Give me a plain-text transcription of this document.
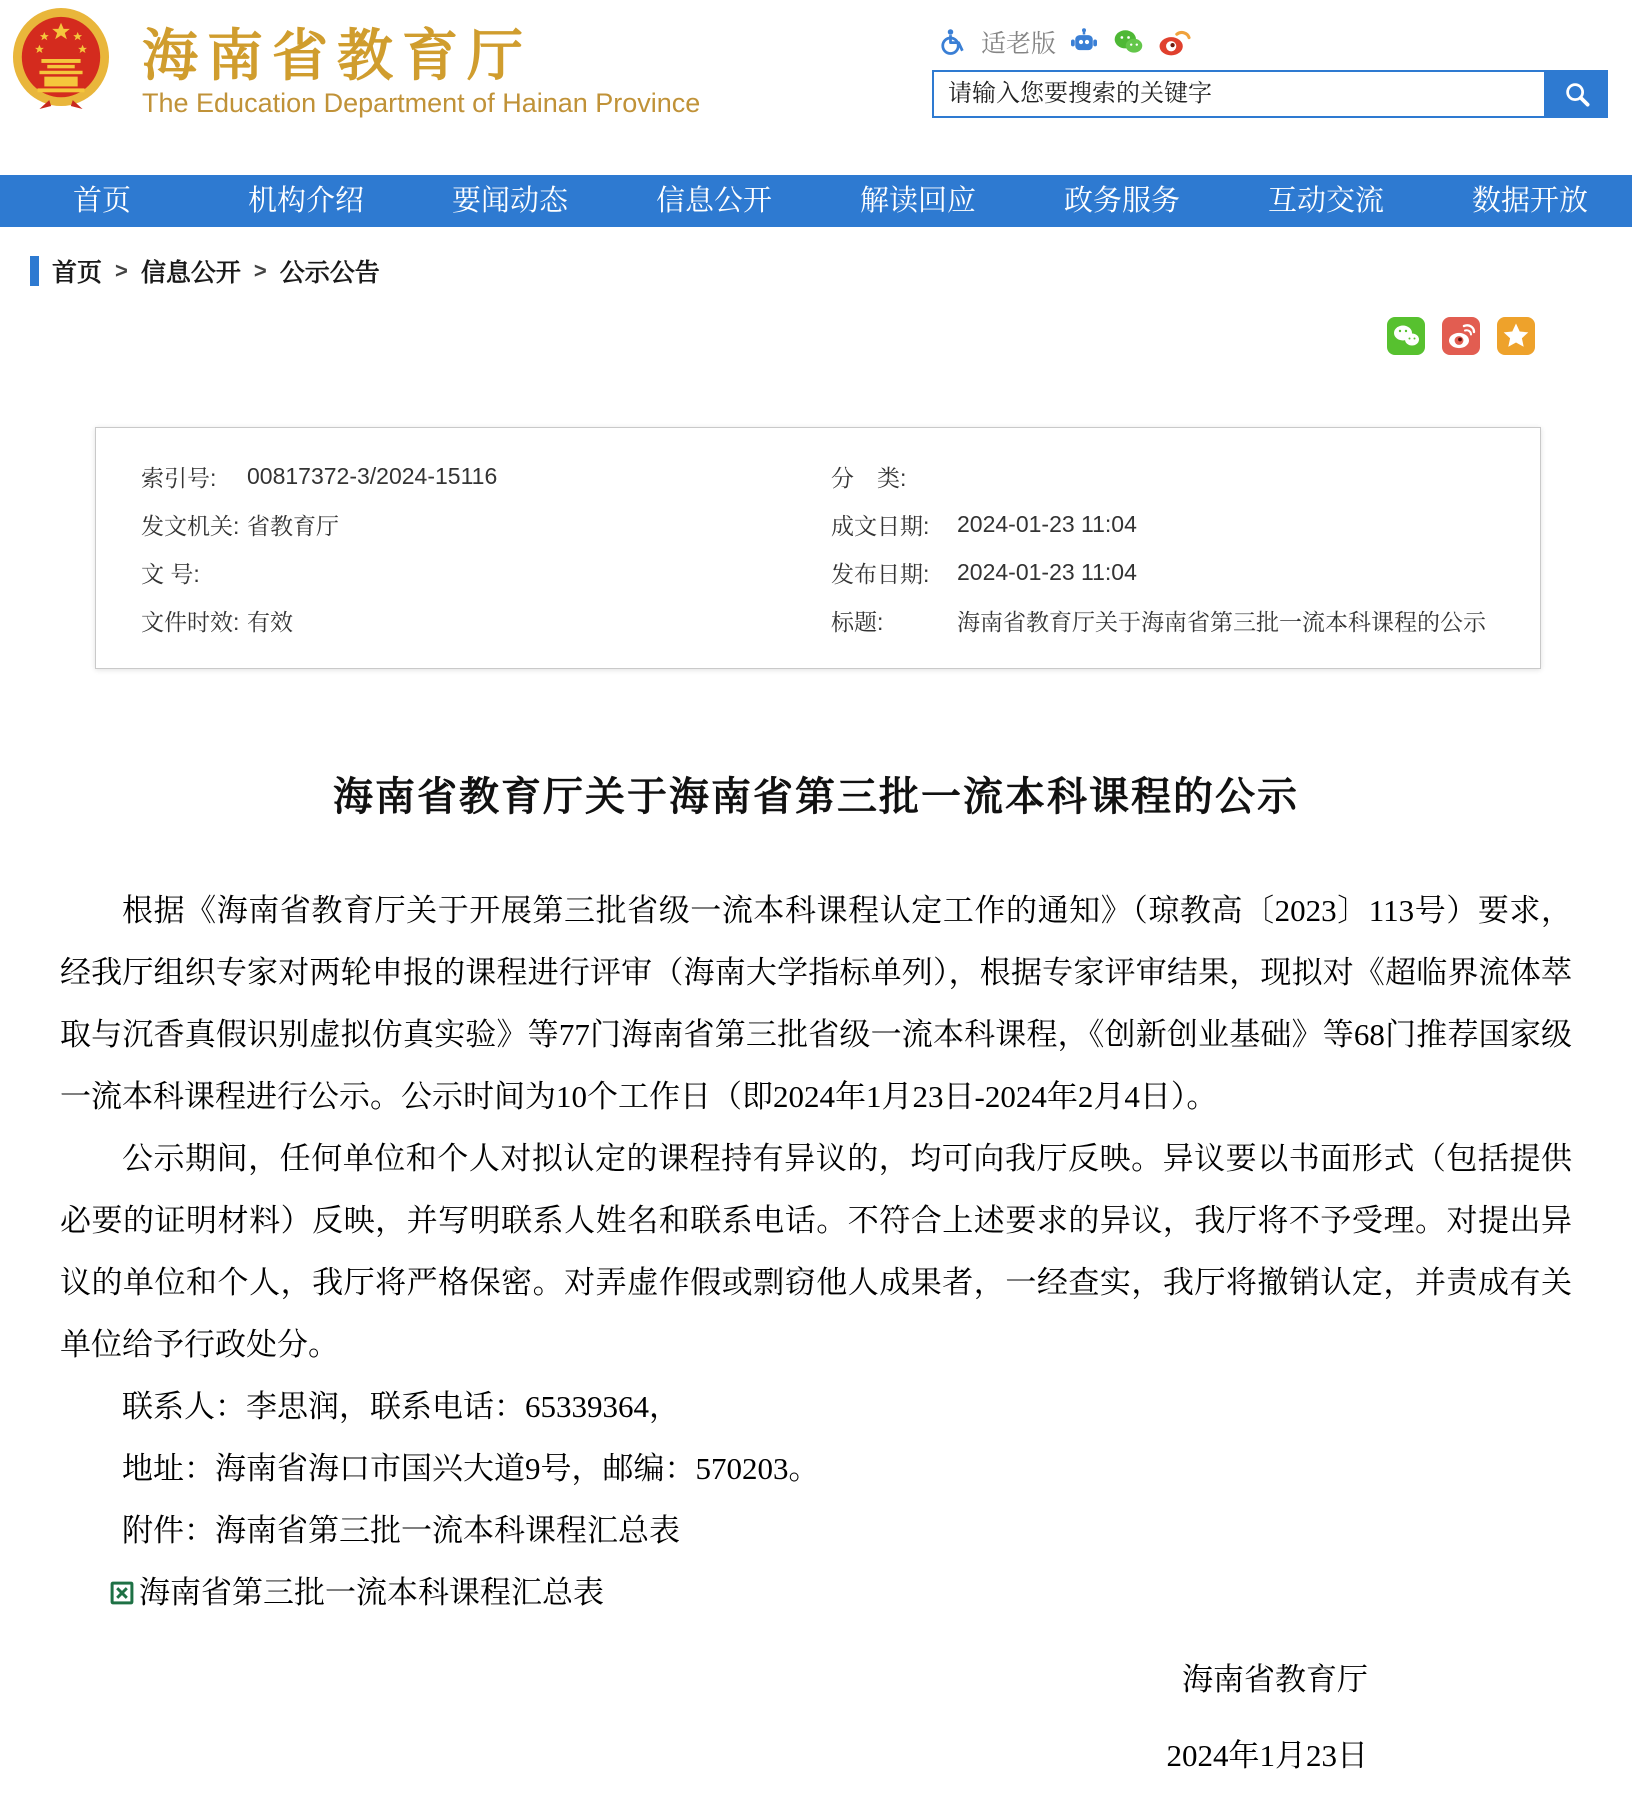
海南省教育厅
The Education Department of Hainan Province
适老版
请输入您要搜索的关键字
首页	机构介绍	要闻动态	信息公开	解读回应	政务服务	互动交流	数据开放
首页 > 信息公开 > 公示公告
索引号:	00817372-3/2024-15116	分　类:
发文机关: 省教育厅	成文日期:	2024-01-23 11:04
文 号:	发布日期:	2024-01-23 11:04
文件时效: 有效	标题:	海南省教育厅关于海南省第三批一流本科课程的公示
海南省教育厅关于海南省第三批一流本科课程的公示

根据《海南省教育厅关于开展第三批省级一流本科课程认定工作的通知》（琼教高〔2023〕113号）要求，经我厅组织专家对两轮申报的课程进行评审（海南大学指标单列），根据专家评审结果，现拟对《超临界流体萃取与沉香真假识别虚拟仿真实验》等77门海南省第三批省级一流本科课程，《创新创业基础》等68门推荐国家级一流本科课程进行公示。公示时间为10个工作日（即2024年1月23日-2024年2月4日）。

公示期间，任何单位和个人对拟认定的课程持有异议的，均可向我厅反映。异议要以书面形式（包括提供必要的证明材料）反映，并写明联系人姓名和联系电话。不符合上述要求的异议，我厅将不予受理。对提出异议的单位和个人，我厅将严格保密。对弄虚作假或剽窃他人成果者，一经查实，我厅将撤销认定，并责成有关单位给予行政处分。

联系人：李思润，联系电话：65339364，

地址：海南省海口市国兴大道9号，邮编：570203。

附件：海南省第三批一流本科课程汇总表

海南省第三批一流本科课程汇总表
海南省教育厅
2024年1月23日
